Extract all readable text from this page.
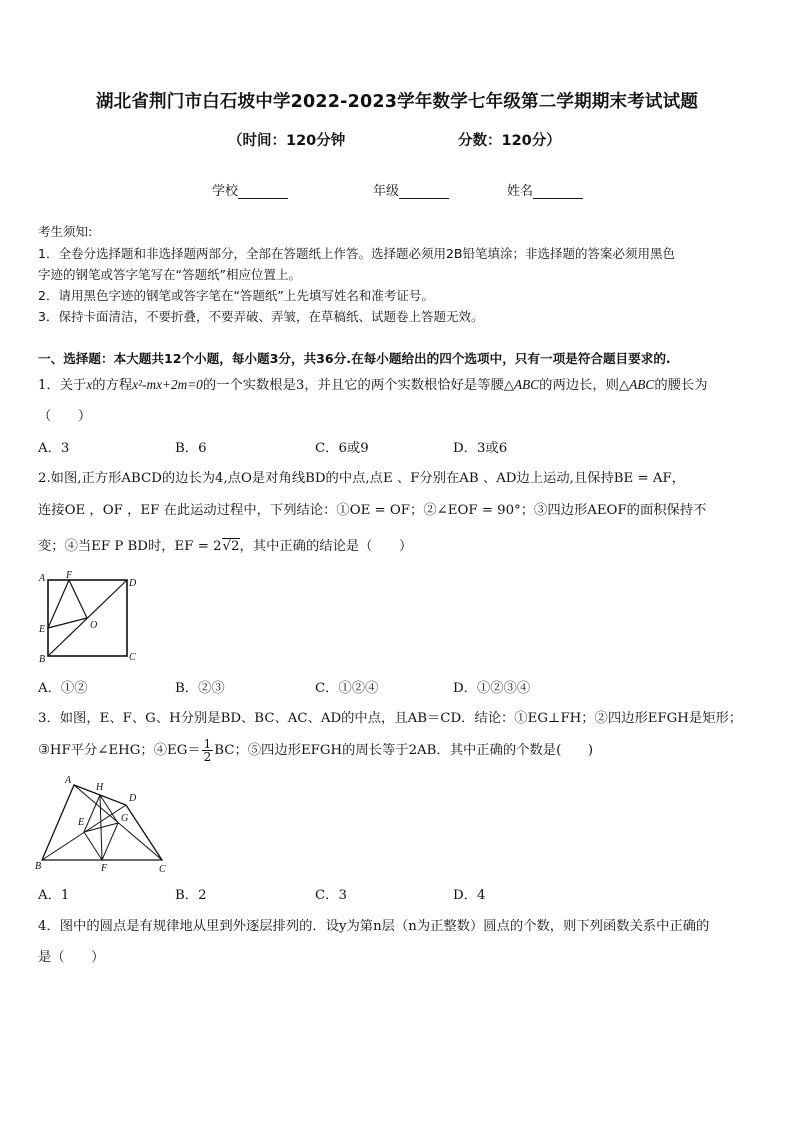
湖北省荆门市白石坡中学2022-2023学年数学七年级第二学期期末考试试题
（时间：120分钟	分数：120分）
学校	年级	姓名
考生须知:
1．全卷分选择题和非选择题两部分，全部在答题纸上作答。选择题必须用2B铅笔填涂；非选择题的答案必须用黑色
字迹的钢笔或答字笔写在“答题纸”相应位置上。
2．请用黑色字迹的钢笔或答字笔在“答题纸”上先填写姓名和准考证号。
3．保持卡面清洁，不要折叠，不要弄破、弄皱，在草稿纸、试题卷上答题无效。
一、选择题：本大题共12个小题，每小题3分，共36分.在每小题给出的四个选项中，只有一项是符合题目要求的.
1．关于x的方程x²-mx+2m=0的一个实数根是3，并且它的两个实数根恰好是等腰△ABC的两边长，则△ABC的腰长为
（　　）
A．3	B．6	C．6或9	D．3或6
2.如图,正方形ABCD的边长为4,点O是对角线BD的中点,点E 、F分别在AB 、AD边上运动,且保持BE = AF，
连接OE ，OF ，EF 在此运动过程中，下列结论：①OE = OF；②∠EOF = 90°；③四边形AEOF的面积保持不
变；④当EF P BD时，EF = 2√2，其中正确的结论是（　　）
A F
D
E	O
B	C
A．①②	B．②③	C．①②④	D．①②③④
3．如图，E、F、G、H分别是BD、BC、AC、AD的中点，且AB＝CD．结论：①EG⊥FH；②四边形EFGH是矩形；
③HF平分∠EHG；④EG＝ $\frac{1}{2}$ BC；⑤四边形EFGH的周长等于2AB．其中正确的个数是(　　)
A
H
D
E	G
B	F	C
A．1	B．2	C．3	D．4
4．图中的圆点是有规律地从里到外逐层排列的．设y为第n层（n为正整数）圆点的个数，则下列函数关系中正确的
是（　　）
